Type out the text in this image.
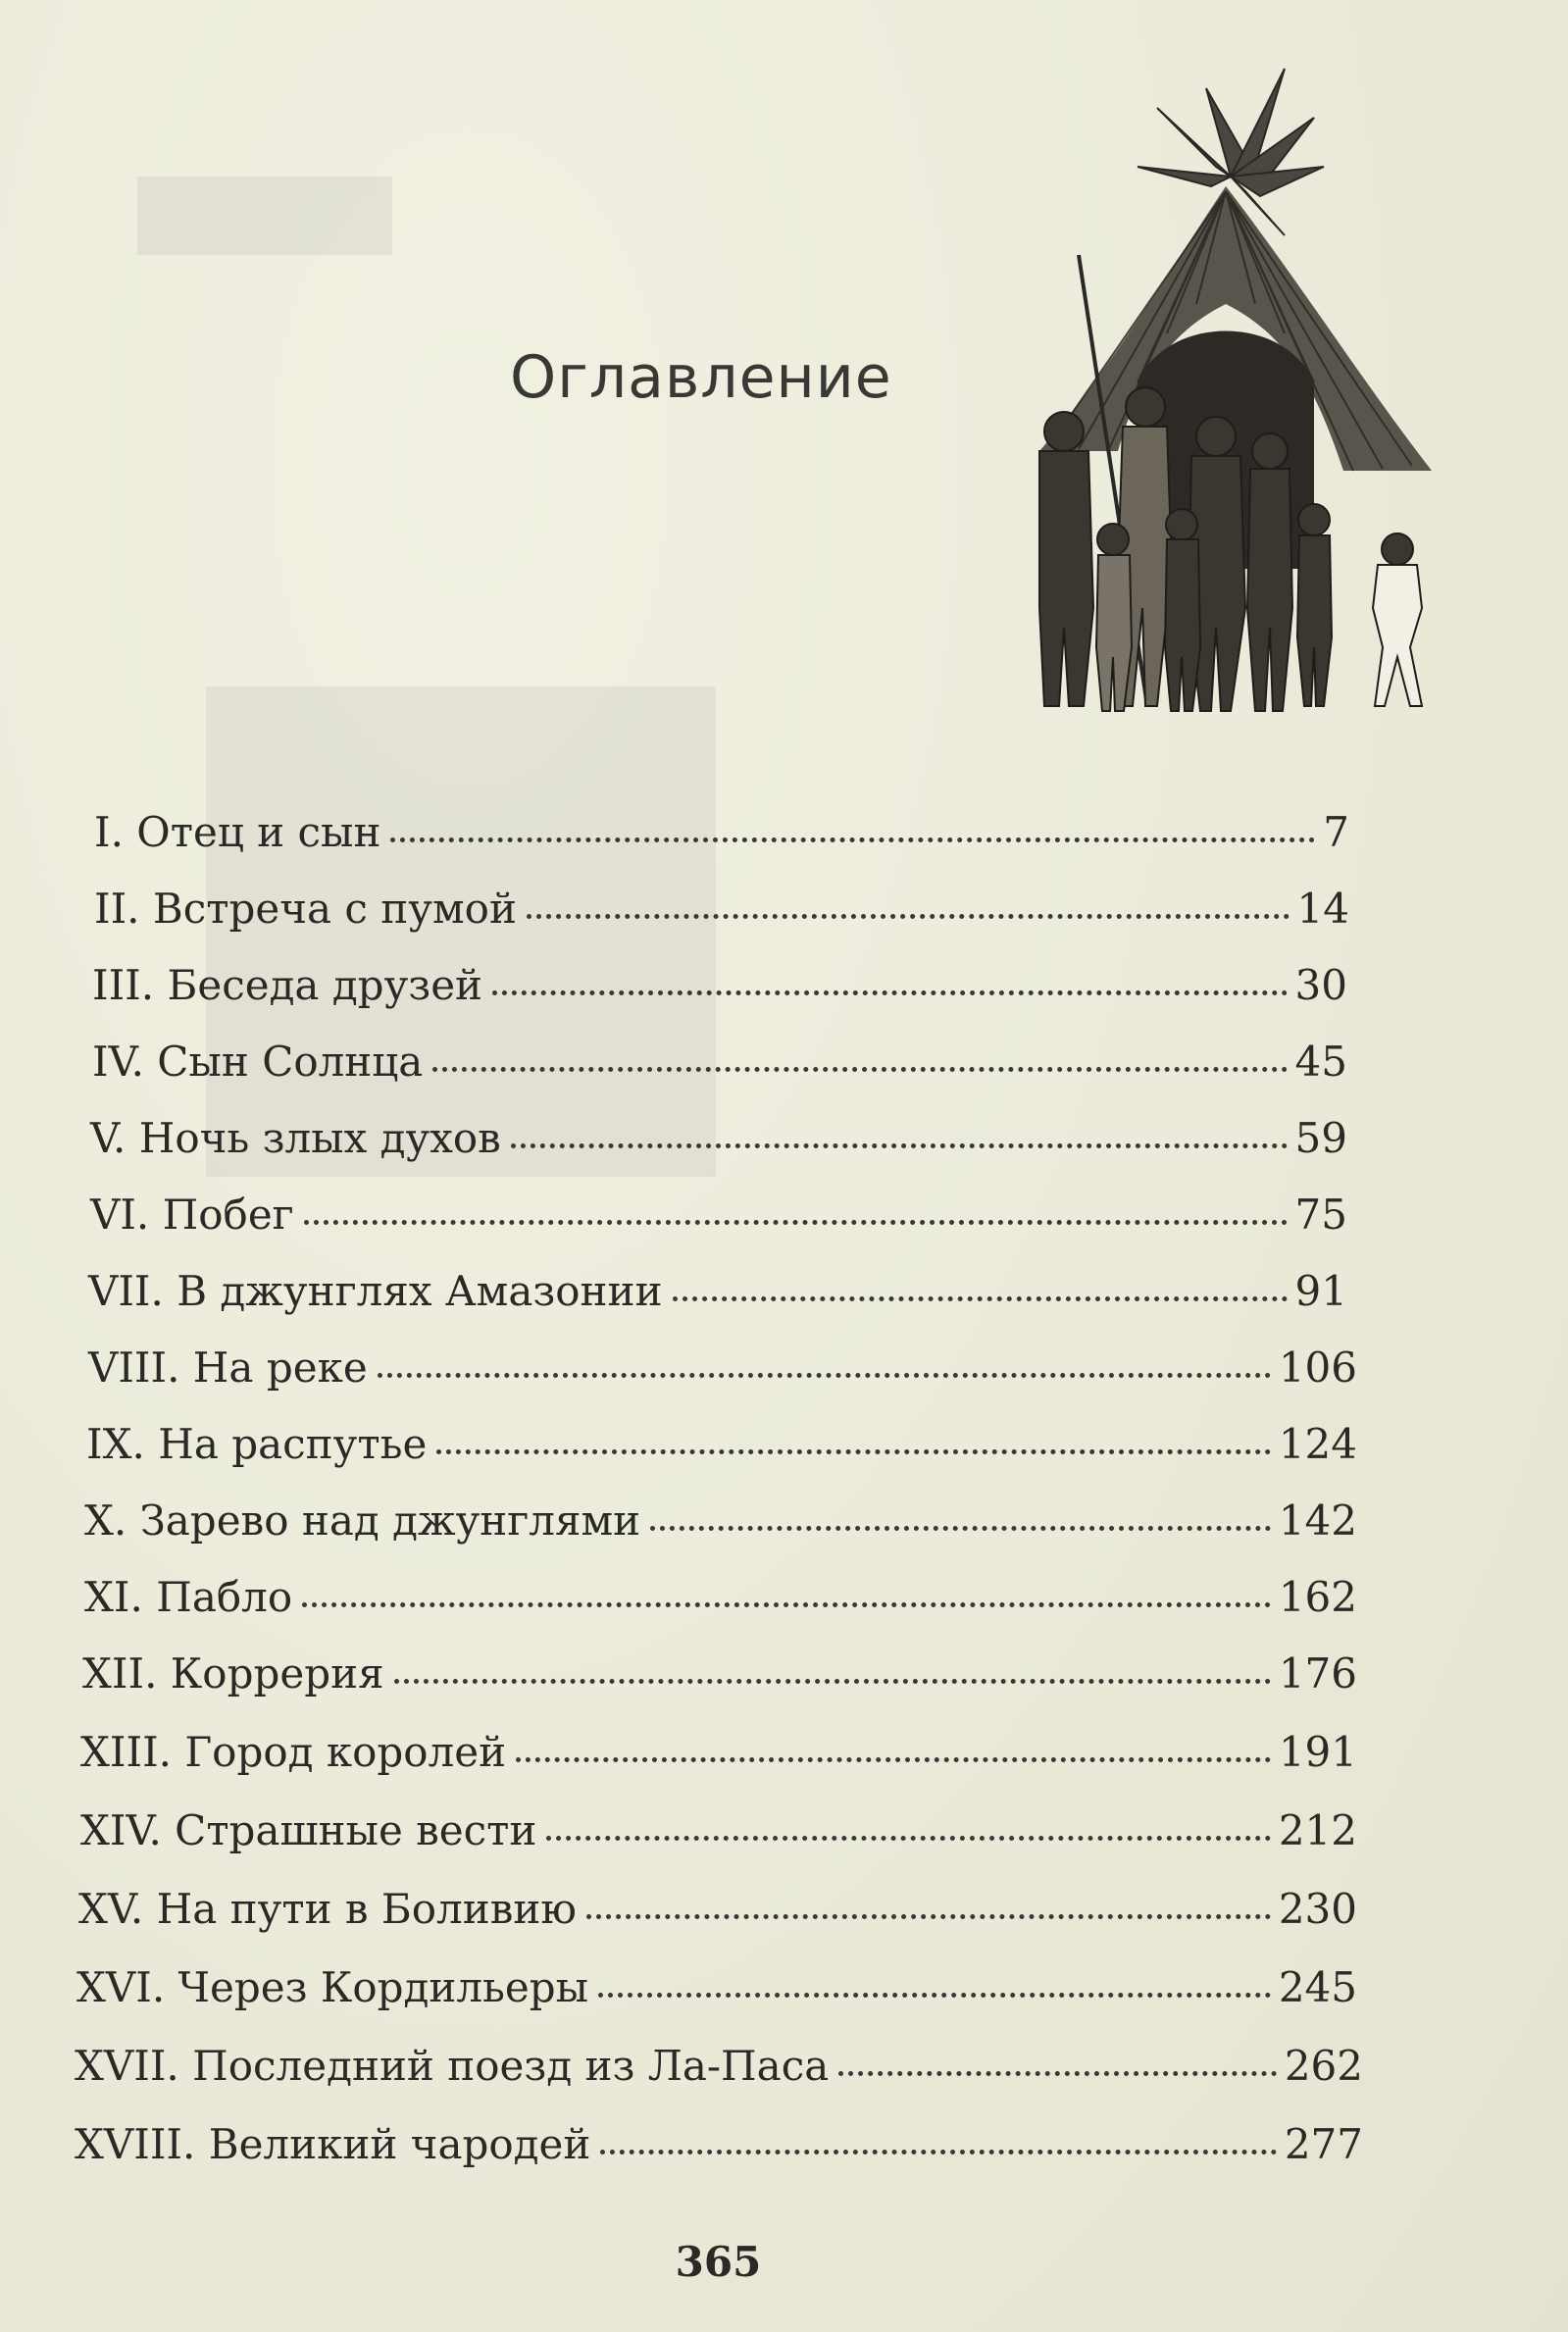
Оглавление
I. Отец и сын	7
II. Встреча с пумой	14
III. Беседа друзей	30
IV. Сын Солнца	45
V. Ночь злых духов	59
VI. Побег	75
VII. В джунглях Амазонии	91
VIII. На реке	106
IX. На распутье	124
X. Зарево над джунглями	142
XI. Пабло	162
XII. Коррерия	176
XIII. Город королей	191
XIV. Страшные вести	212
XV. На пути в Боливию	230
XVI. Через Кордильеры	245
XVII. Последний поезд из Ла-Паса	262
XVIII. Великий чародей	277
365
